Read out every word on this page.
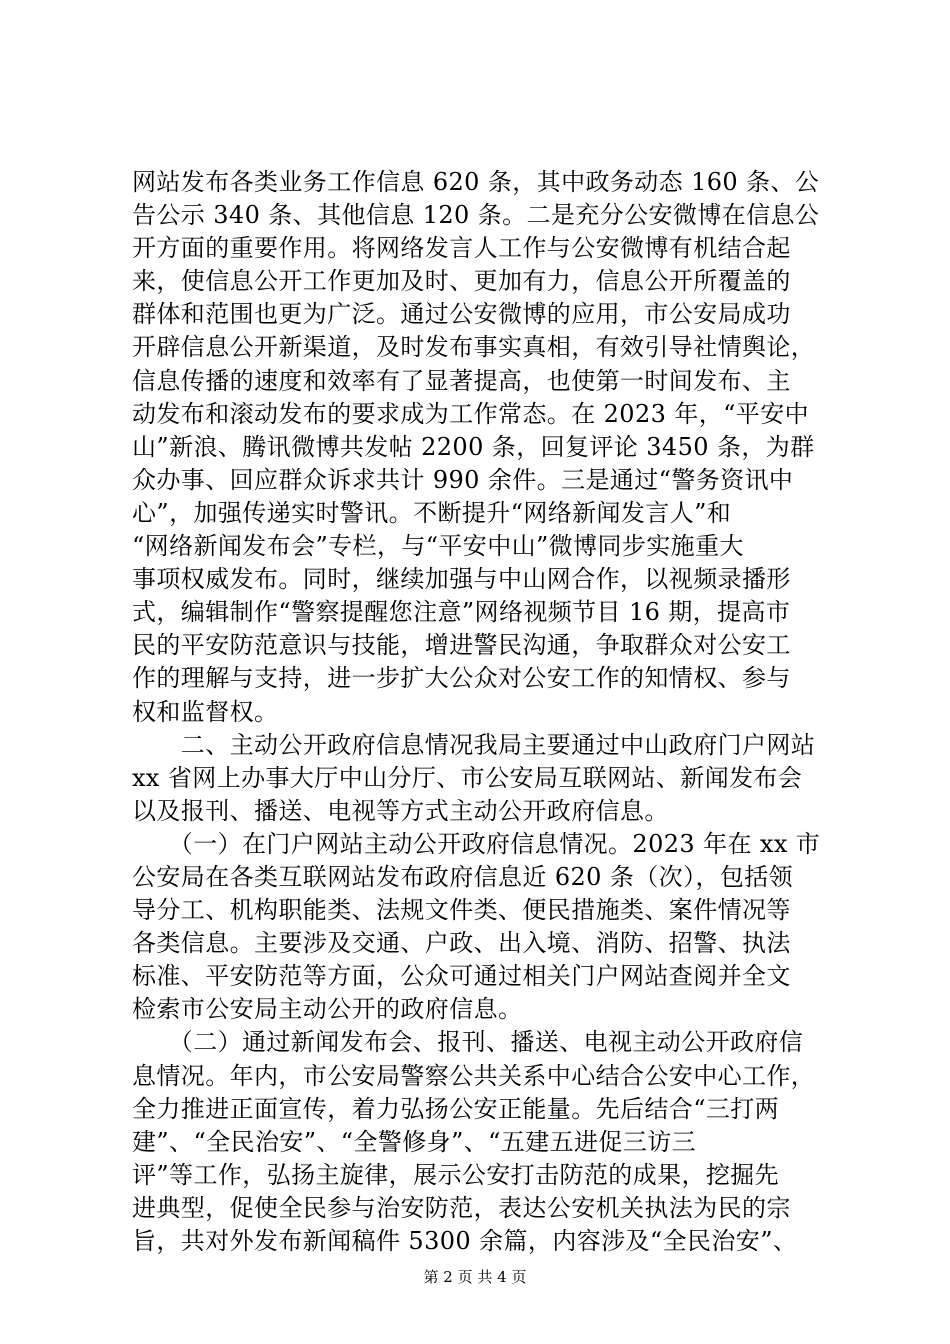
网站发布各类业务工作信息 620 条，其中政务动态 160 条、公
告公示 340 条、其他信息 120 条。二是充分公安微博在信息公
开方面的重要作用。将网络发言人工作与公安微博有机结合起
来，使信息公开工作更加及时、更加有力，信息公开所覆盖的
群体和范围也更为广泛。通过公安微博的应用，市公安局成功
开辟信息公开新渠道，及时发布事实真相，有效引导社情舆论，
信息传播的速度和效率有了显著提高，也使第一时间发布、主
动发布和滚动发布的要求成为工作常态。在 2023 年，“平安中
山”新浪、腾讯微博共发帖 2200 条，回复评论 3450 条，为群
众办事、回应群众诉求共计 990 余件。三是通过“警务资讯中
心”，加强传递实时警讯。不断提升“网络新闻发言人”和
“网络新闻发布会”专栏，与“平安中山”微博同步实施重大
事项权威发布。同时，继续加强与中山网合作，以视频录播形
式，编辑制作“警察提醒您注意”网络视频节目 16 期，提高市
民的平安防范意识与技能，增进警民沟通，争取群众对公安工
作的理解与支持，进一步扩大公众对公安工作的知情权、参与
权和监督权。
　　二、主动公开政府信息情况我局主要通过中山政府门户网站
xx 省网上办事大厅中山分厅、市公安局互联网站、新闻发布会
以及报刊、播送、电视等方式主动公开政府信息。
　　（一）在门户网站主动公开政府信息情况。2023 年在 xx 市
公安局在各类互联网站发布政府信息近 620 条（次），包括领
导分工、机构职能类、法规文件类、便民措施类、案件情况等
各类信息。主要涉及交通、户政、出入境、消防、招警、执法
标准、平安防范等方面，公众可通过相关门户网站查阅并全文
检索市公安局主动公开的政府信息。
　　（二）通过新闻发布会、报刊、播送、电视主动公开政府信
息情况。年内，市公安局警察公共关系中心结合公安中心工作，
全力推进正面宣传，着力弘扬公安正能量。先后结合“三打两
建”、“全民治安”、“全警修身”、“五建五进促三访三
评”等工作，弘扬主旋律，展示公安打击防范的成果，挖掘先
进典型，促使全民参与治安防范，表达公安机关执法为民的宗
旨，共对外发布新闻稿件 5300 余篇，内容涉及“全民治安”、
第 2 页 共 4 页
